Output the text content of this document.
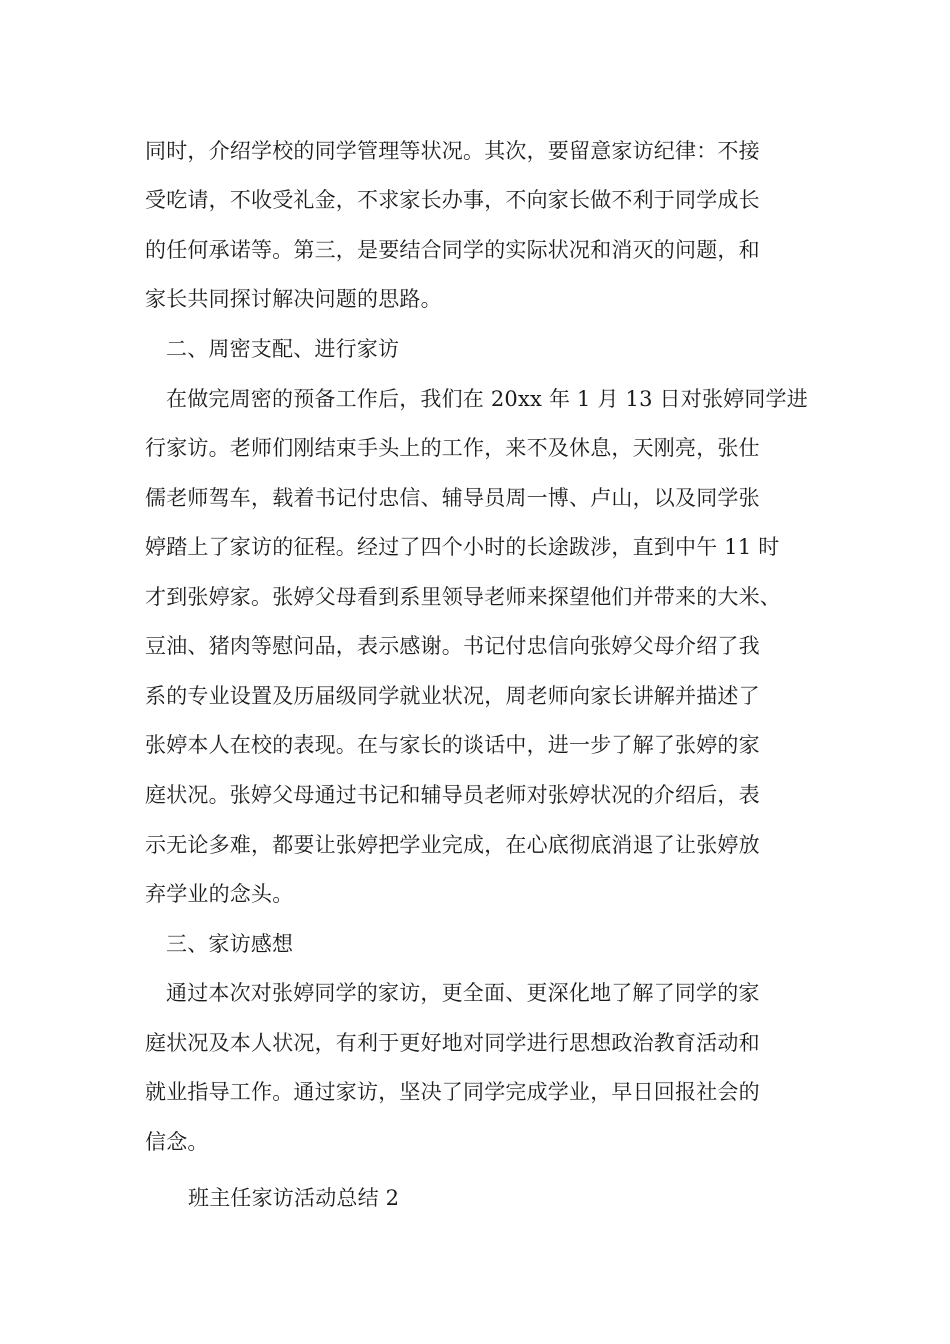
同时，介绍学校的同学管理等状况。其次，要留意家访纪律：不接
受吃请，不收受礼金，不求家长办事，不向家长做不利于同学成长
的任何承诺等。第三，是要结合同学的实际状况和消灭的问题，和
家长共同探讨解决问题的思路。
二、周密支配、进行家访
在做完周密的预备工作后，我们在 20xx 年 1 月 13 日对张婷同学进
行家访。老师们刚结束手头上的工作，来不及休息，天刚亮，张仕
儒老师驾车，载着书记付忠信、辅导员周一博、卢山，以及同学张
婷踏上了家访的征程。经过了四个小时的长途跋涉，直到中午 11 时
才到张婷家。张婷父母看到系里领导老师来探望他们并带来的大米、
豆油、猪肉等慰问品，表示感谢。书记付忠信向张婷父母介绍了我
系的专业设置及历届级同学就业状况，周老师向家长讲解并描述了
张婷本人在校的表现。在与家长的谈话中，进一步了解了张婷的家
庭状况。张婷父母通过书记和辅导员老师对张婷状况的介绍后，表
示无论多难，都要让张婷把学业完成，在心底彻底消退了让张婷放
弃学业的念头。
三、家访感想
通过本次对张婷同学的家访，更全面、更深化地了解了同学的家
庭状况及本人状况，有利于更好地对同学进行思想政治教育活动和
就业指导工作。通过家访，坚决了同学完成学业，早日回报社会的
信念。
班主任家访活动总结 2
